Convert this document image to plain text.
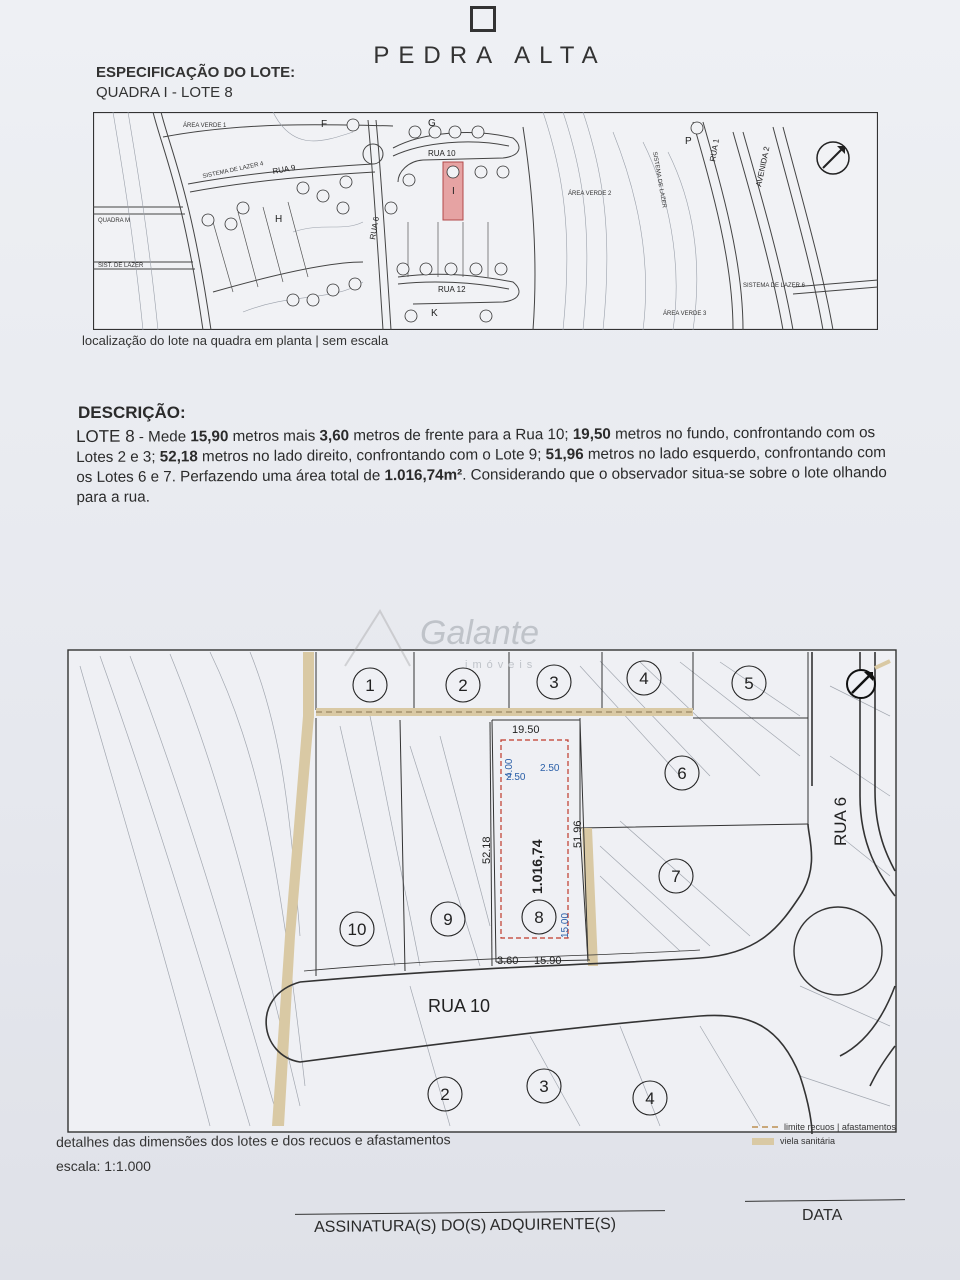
PEDRA ALTA
ESPECIFICAÇÃO DO LOTE:
QUADRA I - LOTE 8
ÁREA VERDE 1
SISTEMA DE LAZER 4
ÁREA VERDE 2
ÁREA VERDE 3
SISTEMA DE LAZER 6
QUADRA M
SIST. DE LAZER
SISTEMA DE LAZER
RUA 9
RUA 10
RUA 12
RUA 6
RUA 1	AVENIDA 2
F	G
H
I
K
P
localização do lote na quadra em planta | sem escala
DESCRIÇÃO:
LOTE 8 - Mede 15,90 metros mais 3,60 metros de frente para a Rua 10; 19,50 metros no fundo, confrontando com os Lotes 2 e 3; 52,18 metros no lado direito, confrontando com o Lote 9; 51,96 metros no lado esquerdo, confrontando com os Lotes 6 e 7. Perfazendo uma área total de 1.016,74m². Considerando que o observador situa-se sobre o lote olhando para a rua.
19.50
52.18
51.96
3.60 15.90
4.00
2.50
2.50
15.00
1.016,74
Galante
imóveis
1	2	3	4	5
6
7
8
9
10
2	3
4
RUA 10
RUA 6
detalhes das dimensões dos lotes e dos recuos e afastamentos
escala: 1:1.000
limite recuos | afastamentos
viela sanitária
ASSINATURA(S) DO(S) ADQUIRENTE(S)
DATA
